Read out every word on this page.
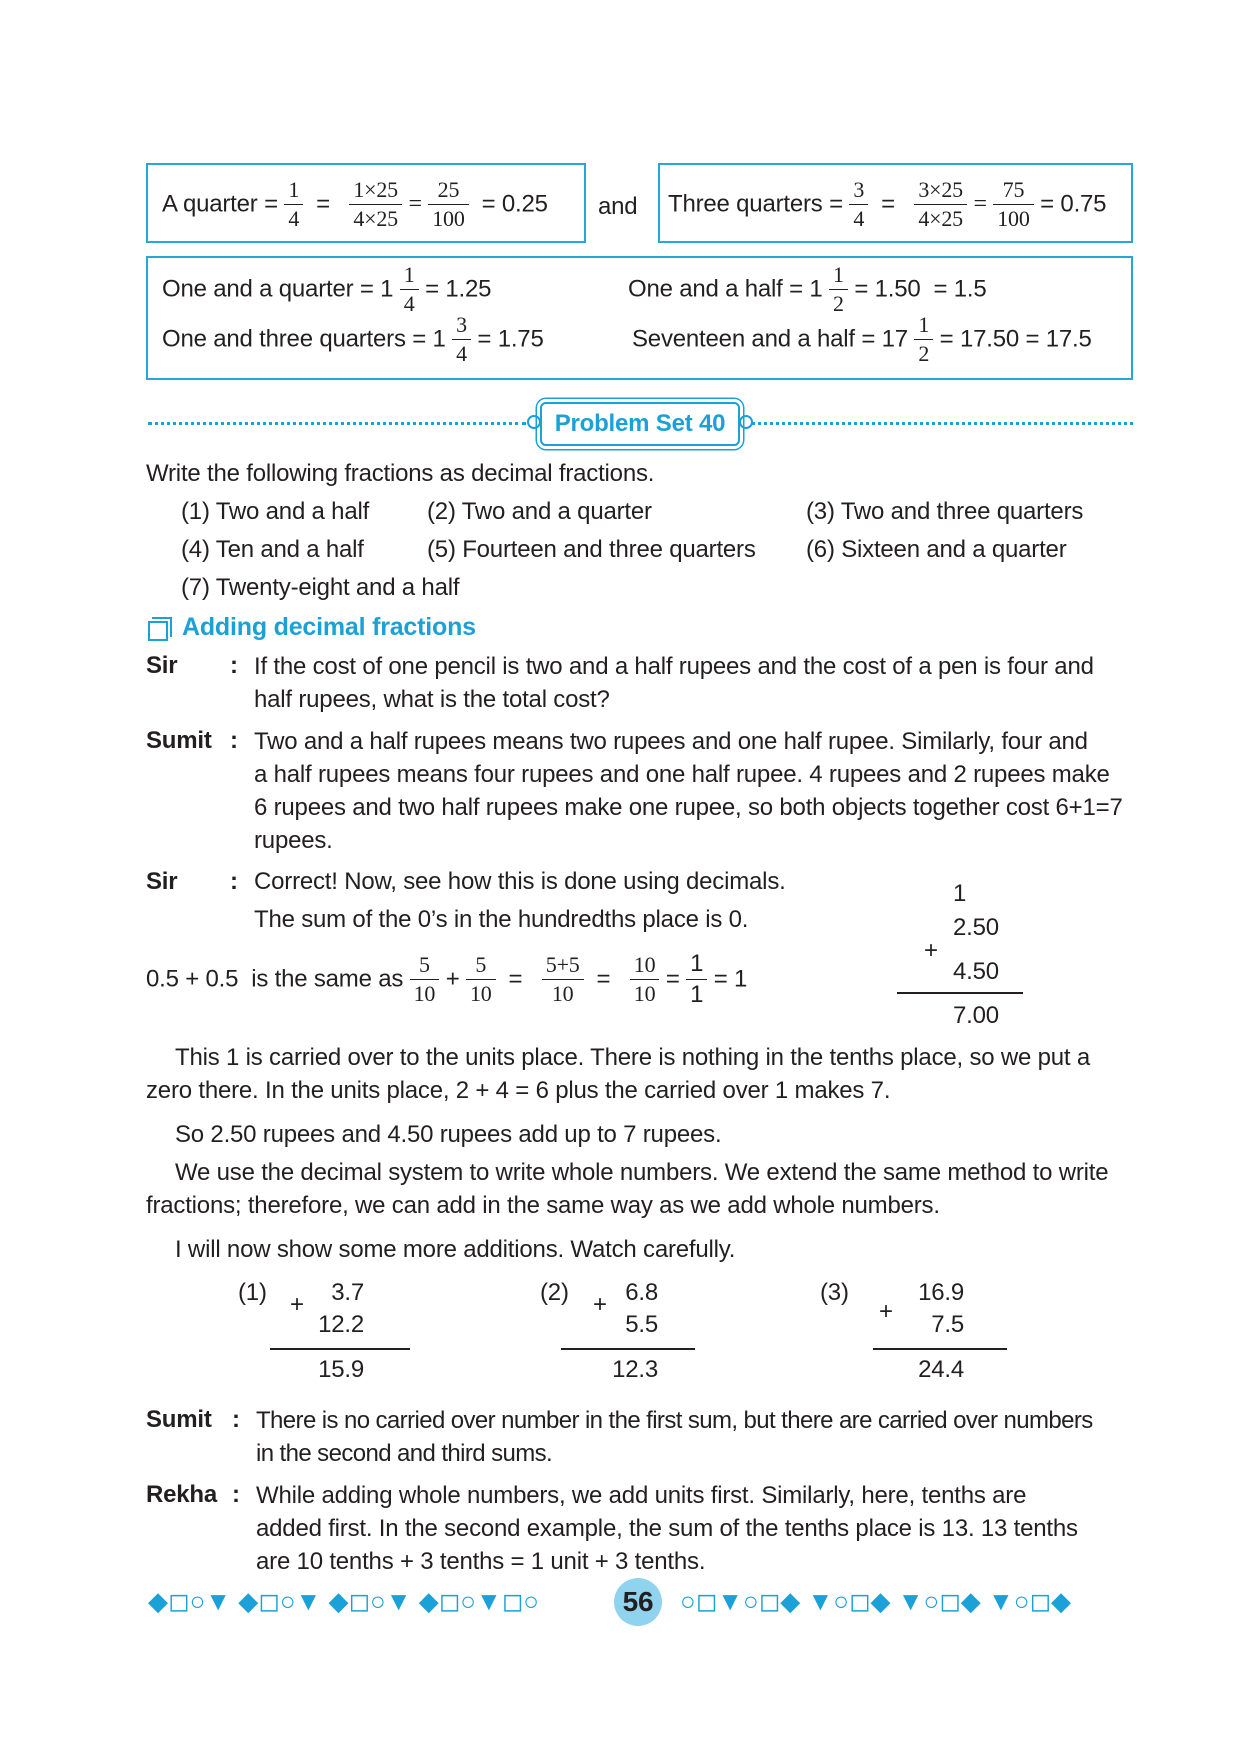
A quarter = $\frac{1}{4} = \frac{1\times 25}{4\times 25} = \frac{25}{100} = 0.25$ and Three quarters = $\frac{3}{4} = \frac{3\times 25}{4\times 25} = \frac{75}{100} = 0.75$
One and a quarter = $1 \frac{1}{4} = 1.25$	One and a half = $1 \frac{1}{2} = 1.50 = 1.5$
One and three quarters = $1 \frac{3}{4} = 1.75$	Seventeen and a half = $17 \frac{1}{2} = 17.50 = 17.5$
Problem Set 40
Write the following fractions as decimal fractions.
(1) Two and a half (2) Two and a quarter	(3) Two and three quarters
(4) Ten and a half	(5) Fourteen and three quarters (6) Sixteen and a quarter
(7) Twenty-eight and a half
Adding decimal fractions
Sir : If the cost of one pencil is two and a half rupees and the cost of a pen is four and
half rupees, what is the total cost?
Sumit : Two and a half rupees means two rupees and one half rupee. Similarly, four and
a half rupees means four rupees and one half rupee. 4 rupees and 2 rupees make
6 rupees and two half rupees make one rupee, so both objects together cost 6+1=7
rupees.
Sir : Correct! Now, see how this is done using decimals.
The sum of the 0’s in the hundredths place is 0.
0.5 + 0.5  is the same as $\frac{5}{10} + \frac{5}{10} = \frac{5+5}{10} = \frac{10}{10} = \frac{1}{1} = 1$
1
2.50
+
4.50
7.00
This 1 is carried over to the units place. There is nothing in the tenths place, so we put a
zero there. In the units place, 2 + 4 = 6 plus the carried over 1 makes 7.
So 2.50 rupees and 4.50 rupees add up to 7 rupees.
We use the decimal system to write whole numbers. We extend the same method to write
fractions; therefore, we can add in the same way as we add whole numbers.
I will now show some more additions. Watch carefully.
(1) +	3.7
12.2
15.9
(2) + 6.8
5.5
12.3
(3)
+
16.9
7.5
24.4
Sumit : There is no carried over number in the first sum, but there are carried over numbers
in the second and third sums.
Rekha : While adding whole numbers, we add units first. Similarly, here, tenths are
added first. In the second example, the sum of the tenths place is 13. 13 tenths
are 10 tenths + 3 tenths = 1 unit + 3 tenths.
◆◻○▼ ◆◻○▼ ◆◻○▼ ◆◻○▼◻○	56	○◻▼○◻◆ ▼○◻◆ ▼○◻◆ ▼○◻◆
